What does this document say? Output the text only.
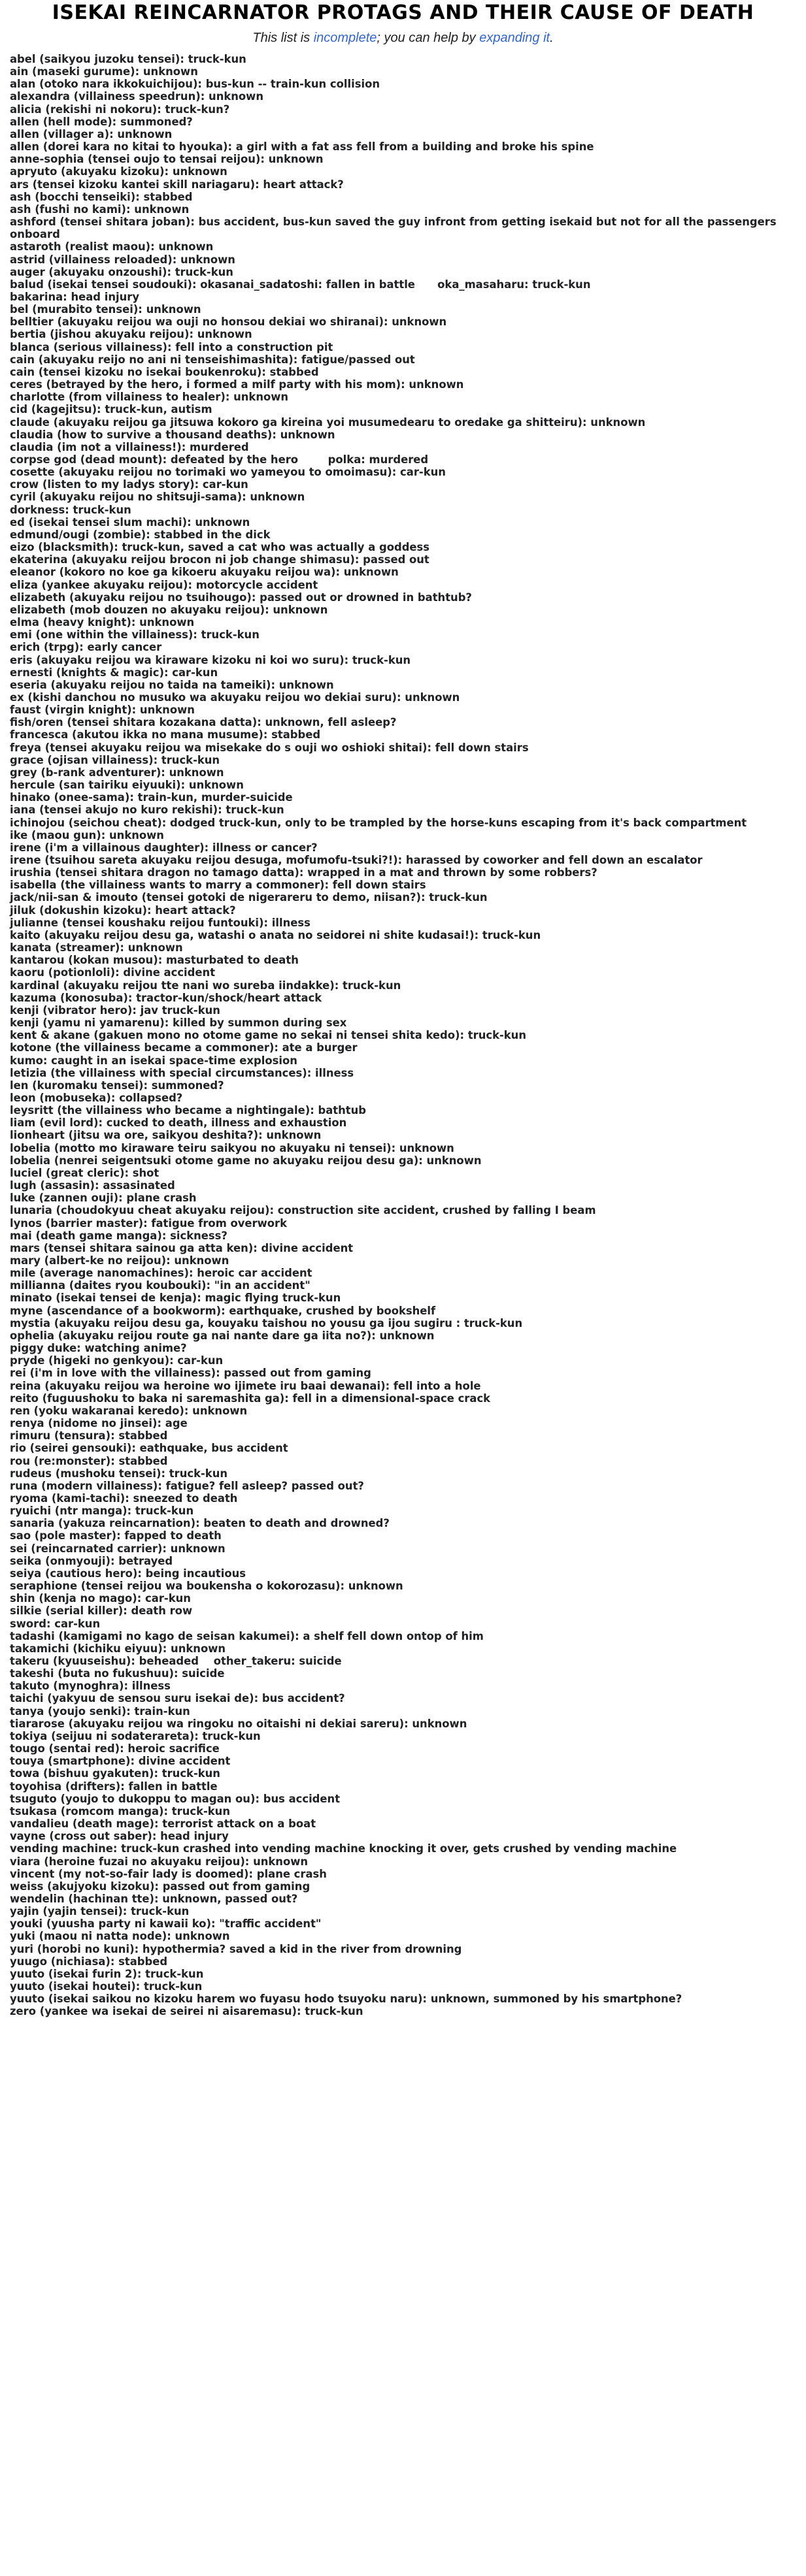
ISEKAI REINCARNATOR PROTAGS AND THEIR CAUSE OF DEATH
This list is incomplete; you can help by expanding it.
abel (saikyou juzoku tensei): truck-kun
ain (maseki gurume): unknown
alan (otoko nara ikkokuichijou): bus-kun -- train-kun collision
alexandra (villainess speedrun): unknown
alicia (rekishi ni nokoru): truck-kun?
allen (hell mode): summoned?
allen (villager a): unknown
allen (dorei kara no kitai to hyouka): a girl with a fat ass fell from a building and broke his spine
anne-sophia (tensei oujo to tensai reijou): unknown
apryuto (akuyaku kizoku): unknown
ars (tensei kizoku kantei skill nariagaru): heart attack?
ash (bocchi tenseiki): stabbed
ash (fushi no kami): unknown
ashford (tensei shitara joban): bus accident, bus-kun saved the guy infront from getting isekaid but not for all the passengers onboard
astaroth (realist maou): unknown
astrid (villainess reloaded): unknown
auger (akuyaku onzoushi): truck-kun
balud (isekai tensei soudouki): okasanai_sadatoshi: fallen in battle      oka_masaharu: truck-kun
bakarina: head injury
bel (murabito tensei): unknown
belltier (akuyaku reijou wa ouji no honsou dekiai wo shiranai): unknown
bertia (jishou akuyaku reijou): unknown
blanca (serious villainess): fell into a construction pit
cain (akuyaku reijo no ani ni tenseishimashita): fatigue/passed out
cain (tensei kizoku no isekai boukenroku): stabbed
ceres (betrayed by the hero, i formed a milf party with his mom): unknown
charlotte (from villainess to healer): unknown
cid (kagejitsu): truck-kun, autism
claude (akuyaku reijou ga jitsuwa kokoro ga kireina yoi musumedearu to oredake ga shitteiru): unknown
claudia (how to survive a thousand deaths): unknown
claudia (im not a villainess!): murdered
corpse god (dead mount): defeated by the hero        polka: murdered
cosette (akuyaku reijou no torimaki wo yameyou to omoimasu): car-kun
crow (listen to my ladys story): car-kun
cyril (akuyaku reijou no shitsuji-sama): unknown
dorkness: truck-kun
ed (isekai tensei slum machi): unknown
edmund/ougi (zombie): stabbed in the dick
eizo (blacksmith): truck-kun, saved a cat who was actually a goddess
ekaterina (akuyaku reijou brocon ni job change shimasu): passed out
eleanor (kokoro no koe ga kikoeru akuyaku reijou wa): unknown
eliza (yankee akuyaku reijou): motorcycle accident
elizabeth (akuyaku reijou no tsuihougo): passed out or drowned in bathtub?
elizabeth (mob douzen no akuyaku reijou): unknown
elma (heavy knight): unknown
emi (one within the villainess): truck-kun
erich (trpg): early cancer
eris (akuyaku reijou wa kiraware kizoku ni koi wo suru): truck-kun
ernesti (knights & magic): car-kun
eseria (akuyaku reijou no taida na tameiki): unknown
ex (kishi danchou no musuko wa akuyaku reijou wo dekiai suru): unknown
faust (virgin knight): unknown
fish/oren (tensei shitara kozakana datta): unknown, fell asleep?
francesca (akutou ikka no mana musume): stabbed
freya (tensei akuyaku reijou wa misekake do s ouji wo oshioki shitai): fell down stairs
grace (ojisan villainess): truck-kun
grey (b-rank adventurer): unknown
hercule (san tairiku eiyuuki): unknown
hinako (onee-sama): train-kun, murder-suicide
iana (tensei akujo no kuro rekishi): truck-kun
ichinojou (seichou cheat): dodged truck-kun, only to be trampled by the horse-kuns escaping from it's back compartment
ike (maou gun): unknown
irene (i'm a villainous daughter): illness or cancer?
irene (tsuihou sareta akuyaku reijou desuga, mofumofu-tsuki?!): harassed by coworker and fell down an escalator
irushia (tensei shitara dragon no tamago datta): wrapped in a mat and thrown by some robbers?
isabella (the villainess wants to marry a commoner): fell down stairs
jack/nii-san & imouto (tensei gotoki de nigerareru to demo, niisan?): truck-kun
jiluk (dokushin kizoku): heart attack?
julianne (tensei koushaku reijou funtouki): illness
kaito (akuyaku reijou desu ga, watashi o anata no seidorei ni shite kudasai!): truck-kun
kanata (streamer): unknown
kantarou (kokan musou): masturbated to death
kaoru (potionloli): divine accident
kardinal (akuyaku reijou tte nani wo sureba iindakke): truck-kun
kazuma (konosuba): tractor-kun/shock/heart attack
kenji (vibrator hero): jav truck-kun
kenji (yamu ni yamarenu): killed by summon during sex
kent & akane (gakuen mono no otome game no sekai ni tensei shita kedo): truck-kun
kotone (the villainess became a commoner): ate a burger
kumo: caught in an isekai space-time explosion
letizia (the villainess with special circumstances): illness
len (kuromaku tensei): summoned?
leon (mobuseka): collapsed?
leysritt (the villainess who became a nightingale): bathtub
liam (evil lord): cucked to death, illness and exhaustion
lionheart (jitsu wa ore, saikyou deshita?): unknown
lobelia (motto mo kiraware teiru saikyou no akuyaku ni tensei): unknown
lobelia (nenrei seigentsuki otome game no akuyaku reijou desu ga): unknown
luciel (great cleric): shot
lugh (assasin): assasinated
luke (zannen ouji): plane crash
lunaria (choudokyuu cheat akuyaku reijou): construction site accident, crushed by falling I beam
lynos (barrier master): fatigue from overwork
mai (death game manga): sickness?
mars (tensei shitara sainou ga atta ken): divine accident
mary (albert-ke no reijou): unknown
mile (average nanomachines): heroic car accident
millianna (daites ryou koubouki): "in an accident"
minato (isekai tensei de kenja): magic flying truck-kun
myne (ascendance of a bookworm): earthquake, crushed by bookshelf
mystia (akuyaku reijou desu ga, kouyaku taishou no yousu ga ijou sugiru : truck-kun
ophelia (akuyaku reijou route ga nai nante dare ga iita no?): unknown
piggy duke: watching anime?
pryde (higeki no genkyou): car-kun
rei (i'm in love with the villainess): passed out from gaming
reina (akuyaku reijou wa heroine wo ijimete iru baai dewanai): fell into a hole
reito (fuguushoku to baka ni saremashita ga): fell in a dimensional-space crack
ren (yoku wakaranai keredo): unknown
renya (nidome no jinsei): age
rimuru (tensura): stabbed
rio (seirei gensouki): eathquake, bus accident
rou (re:monster): stabbed
rudeus (mushoku tensei): truck-kun
runa (modern villainess): fatigue? fell asleep? passed out?
ryoma (kami-tachi): sneezed to death
ryuichi (ntr manga): truck-kun
sanaria (yakuza reincarnation): beaten to death and drowned?
sao (pole master): fapped to death
sei (reincarnated carrier): unknown
seika (onmyouji): betrayed
seiya (cautious hero): being incautious
seraphione (tensei reijou wa boukensha o kokorozasu): unknown
shin (kenja no mago): car-kun
silkie (serial killer): death row
sword: car-kun
tadashi (kamigami no kago de seisan kakumei): a shelf fell down ontop of him
takamichi (kichiku eiyuu): unknown
takeru (kyuuseishu): beheaded    other_takeru: suicide
takeshi (buta no fukushuu): suicide
takuto (mynoghra): illness
taichi (yakyuu de sensou suru isekai de): bus accident?
tanya (youjo senki): train-kun
tiararose (akuyaku reijou wa ringoku no oitaishi ni dekiai sareru): unknown
tokiya (seijuu ni sodaterareta): truck-kun
tougo (sentai red): heroic sacrifice
touya (smartphone): divine accident
towa (bishuu gyakuten): truck-kun
toyohisa (drifters): fallen in battle
tsuguto (youjo to dukoppu to magan ou): bus accident
tsukasa (romcom manga): truck-kun
vandalieu (death mage): terrorist attack on a boat
vayne (cross out saber): head injury
vending machine: truck-kun crashed into vending machine knocking it over, gets crushed by vending machine
viara (heroine fuzai no akuyaku reijou): unknown
vincent (my not-so-fair lady is doomed): plane crash
weiss (akujyoku kizoku): passed out from gaming
wendelin (hachinan tte): unknown, passed out?
yajin (yajin tensei): truck-kun
youki (yuusha party ni kawaii ko): "traffic accident"
yuki (maou ni natta node): unknown
yuri (horobi no kuni): hypothermia? saved a kid in the river from drowning
yuugo (nichiasa): stabbed
yuuto (isekai furin 2): truck-kun
yuuto (isekai houtei): truck-kun
yuuto (isekai saikou no kizoku harem wo fuyasu hodo tsuyoku naru): unknown, summoned by his smartphone?
zero (yankee wa isekai de seirei ni aisaremasu): truck-kun
